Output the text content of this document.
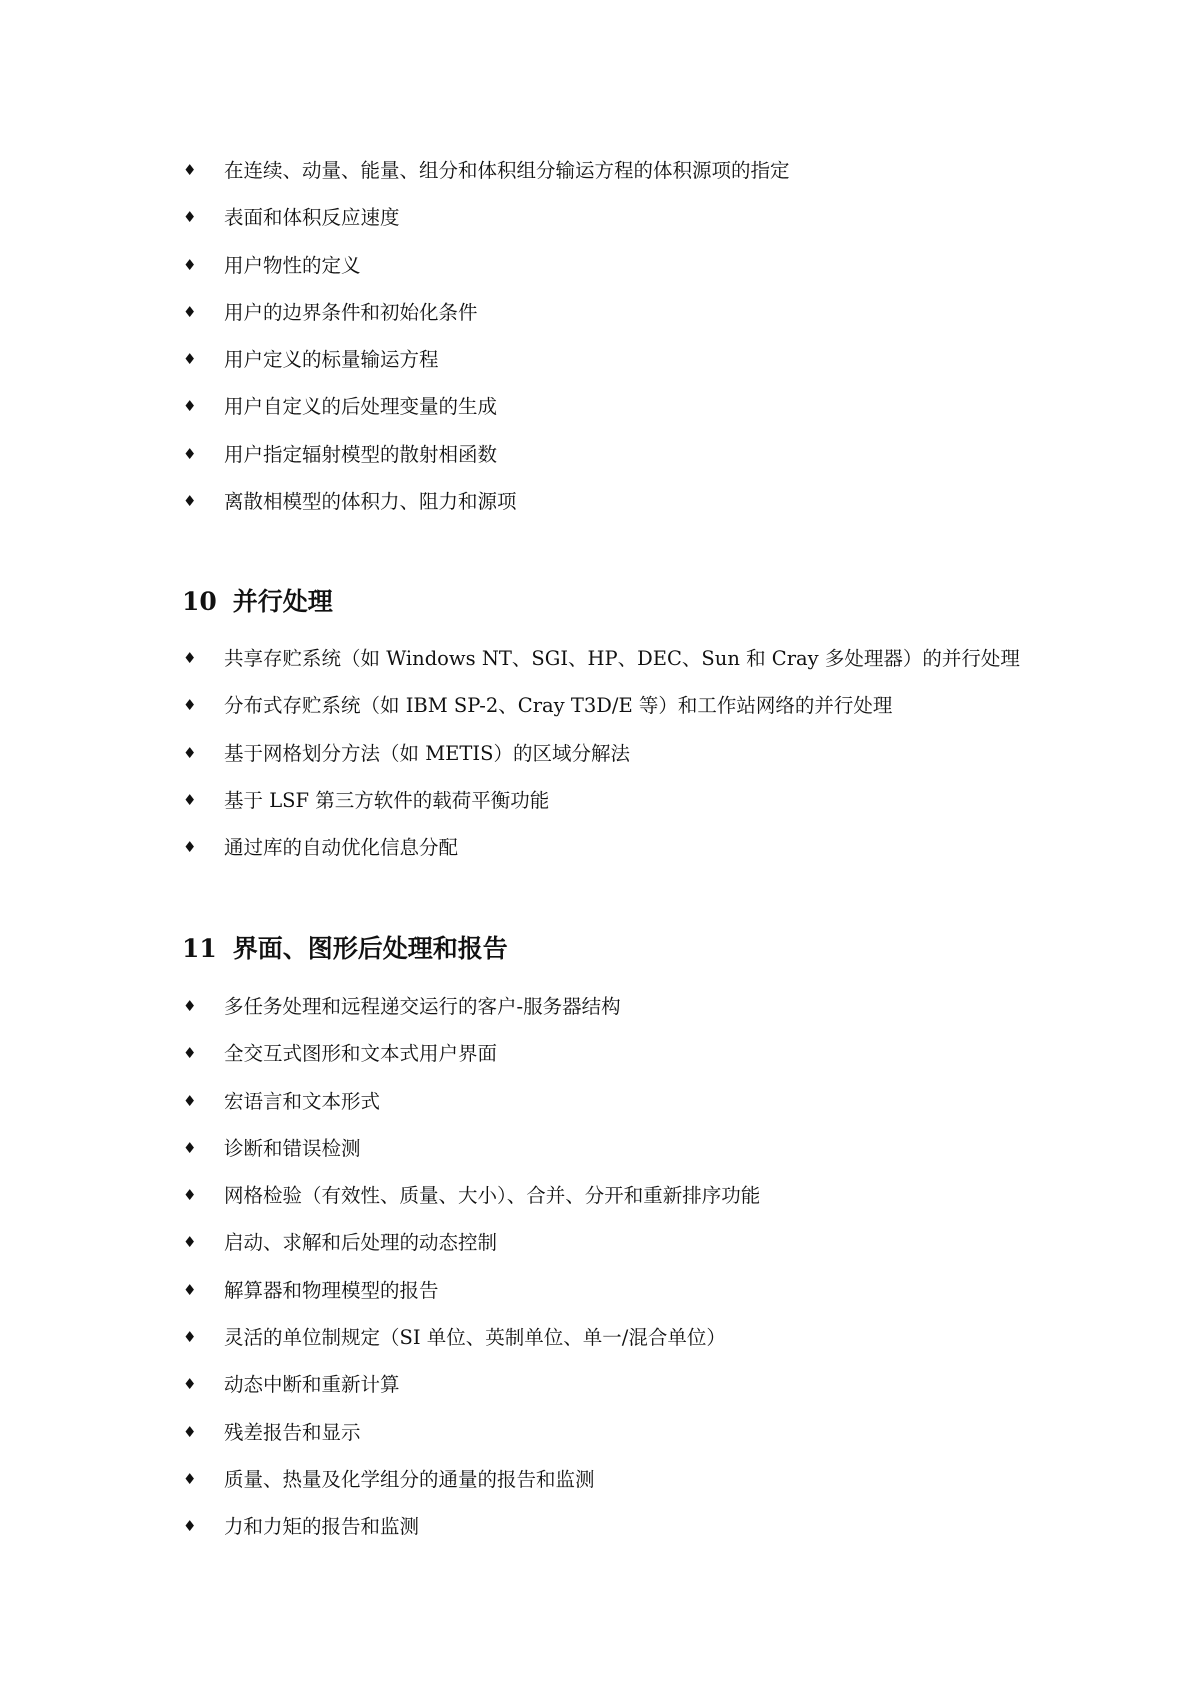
♦ 在连续、动量、能量、组分和体积组分输运方程的体积源项的指定
♦ 表面和体积反应速度
♦ 用户物性的定义
♦ 用户的边界条件和初始化条件
♦ 用户定义的标量输运方程
♦ 用户自定义的后处理变量的生成
♦ 用户指定辐射模型的散射相函数
♦ 离散相模型的体积力、阻力和源项
10 并行处理
♦ 共享存贮系统（如 Windows NT、SGI、HP、DEC、Sun 和 Cray 多处理器）的并行处理
♦ 分布式存贮系统（如 IBM SP-2、Cray T3D/E 等）和工作站网络的并行处理
♦ 基于网格划分方法（如 METIS）的区域分解法
♦ 基于 LSF 第三方软件的载荷平衡功能
♦ 通过库的自动优化信息分配
11 界面、图形后处理和报告
♦ 多任务处理和远程递交运行的客户-服务器结构
♦ 全交互式图形和文本式用户界面
♦ 宏语言和文本形式
♦ 诊断和错误检测
♦ 网格检验（有效性、质量、大小）、合并、分开和重新排序功能
♦ 启动、求解和后处理的动态控制
♦ 解算器和物理模型的报告
♦ 灵活的单位制规定（SI 单位、英制单位、单一/混合单位）
♦ 动态中断和重新计算
♦ 残差报告和显示
♦ 质量、热量及化学组分的通量的报告和监测
♦ 力和力矩的报告和监测
